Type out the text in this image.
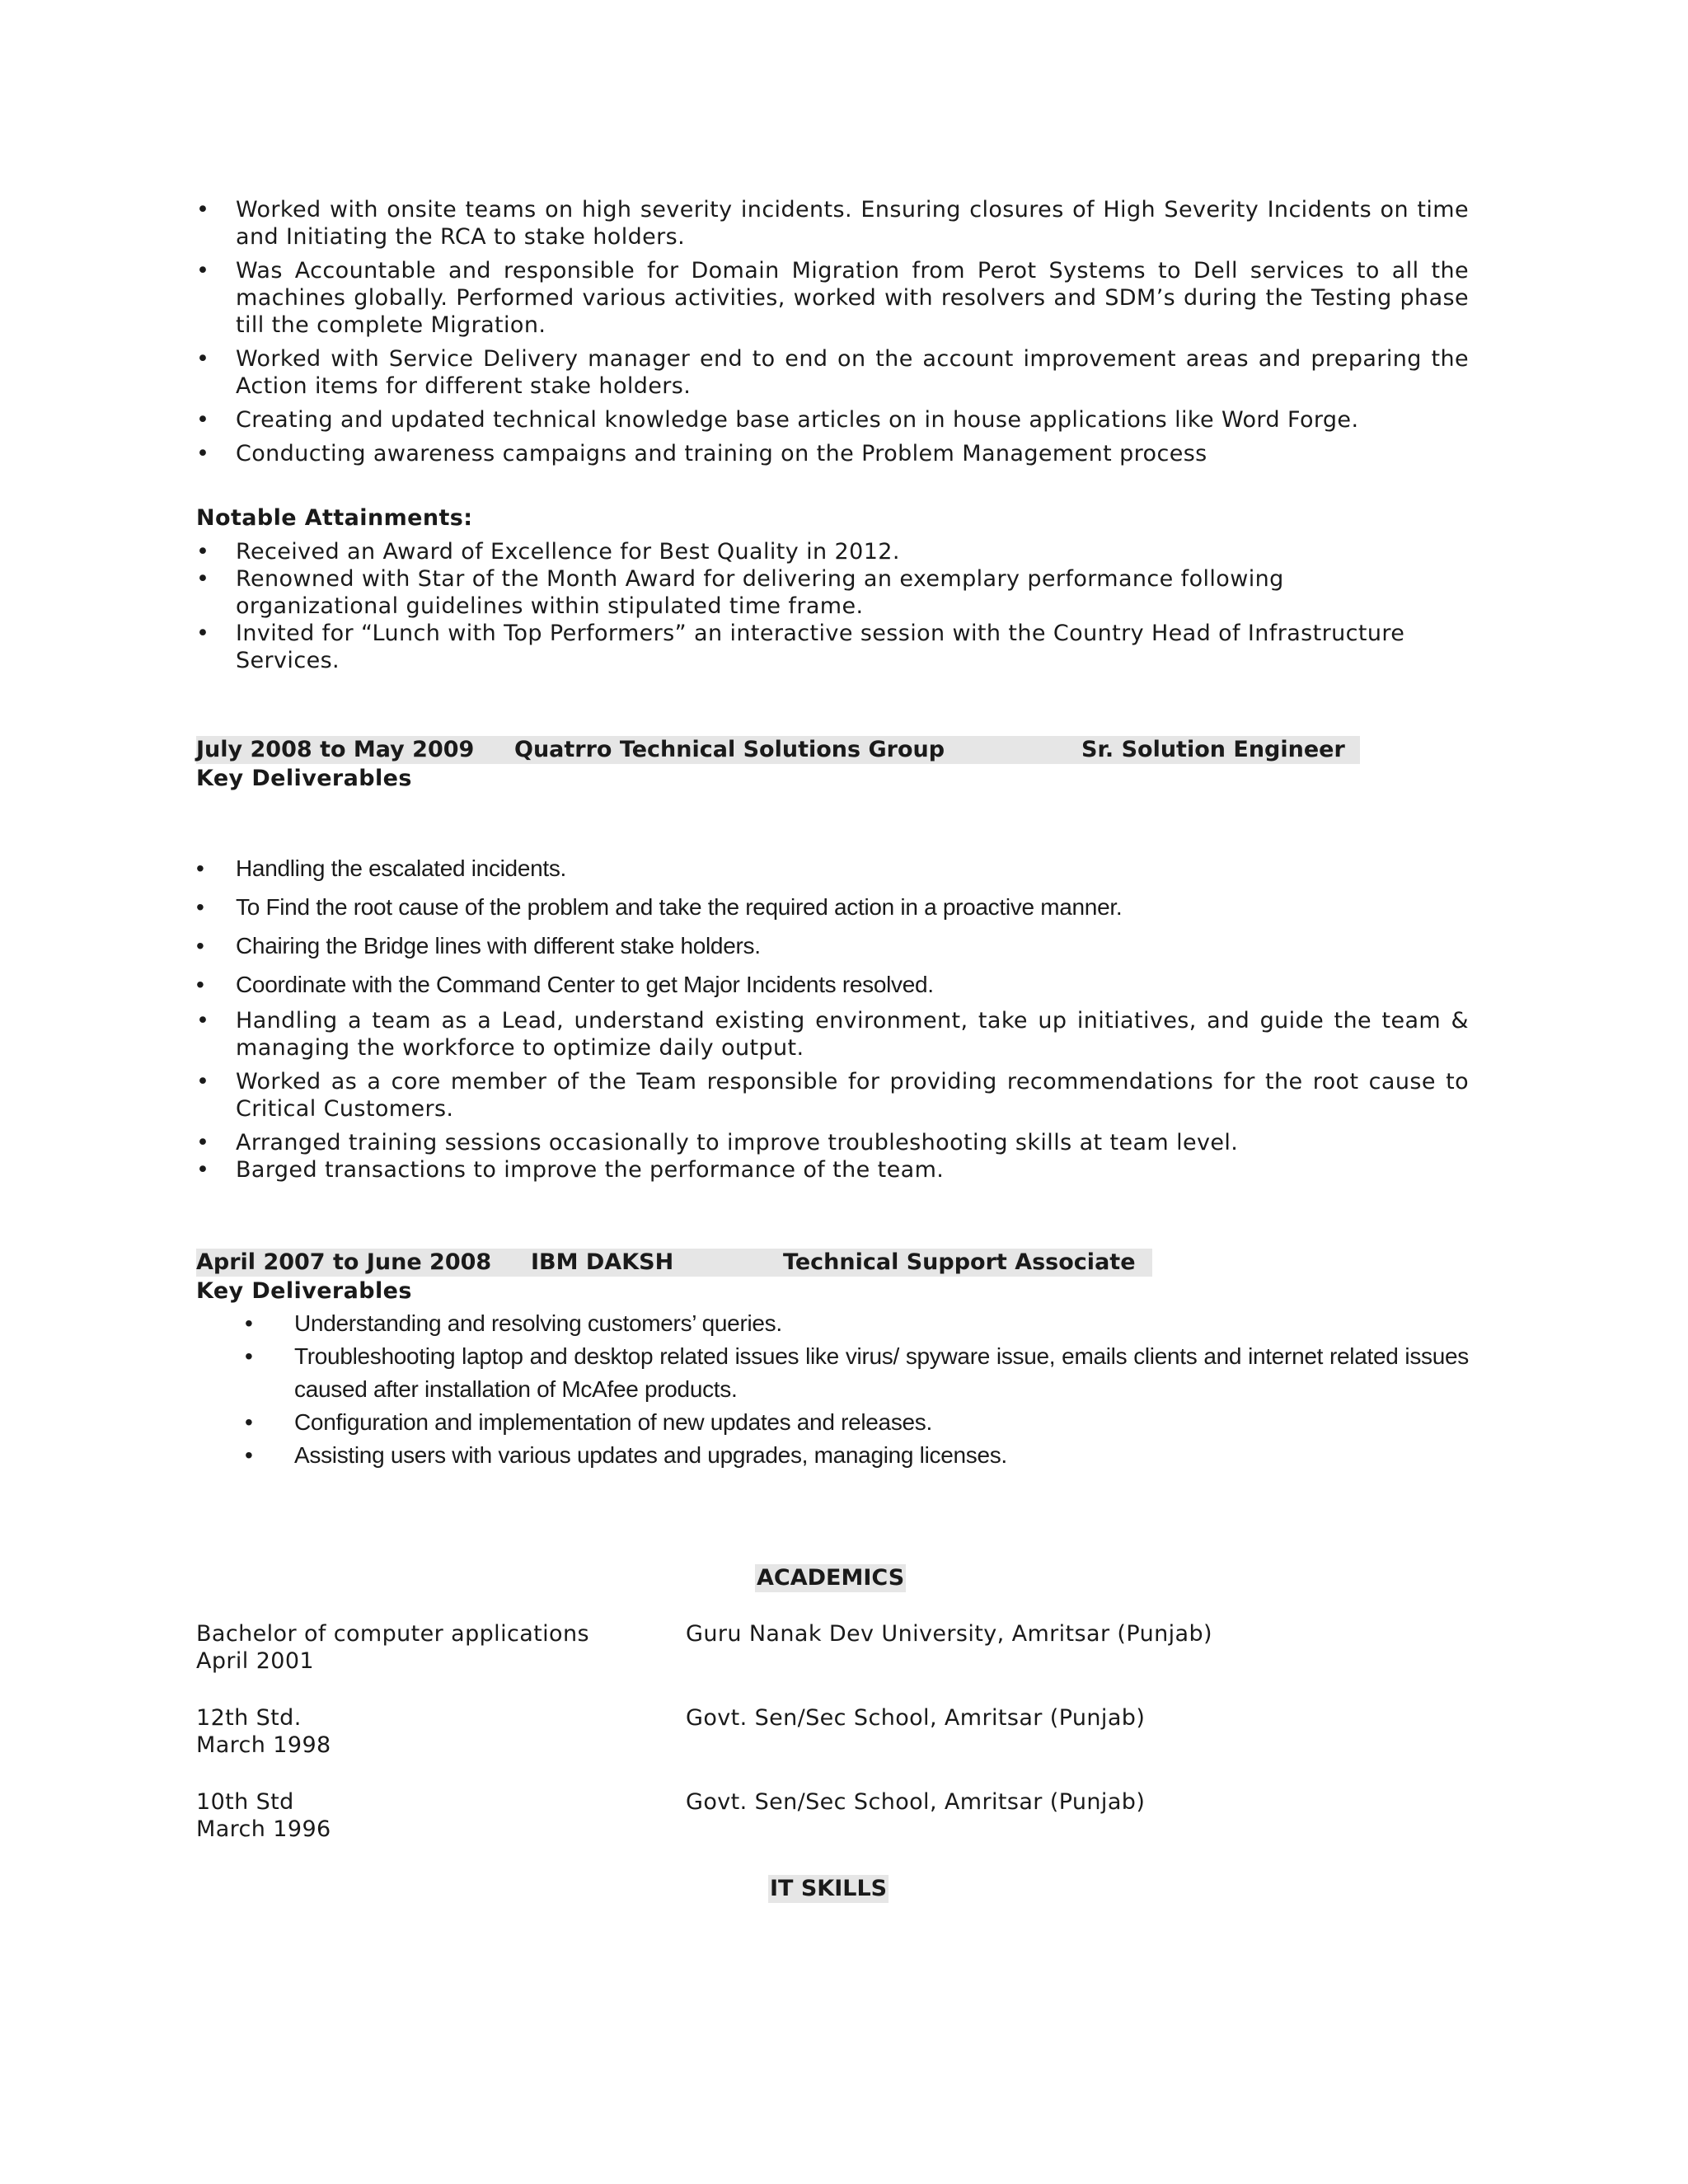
• Worked with onsite teams on high severity incidents. Ensuring closures of High Severity Incidents on time and Initiating the RCA to stake holders.
• Was Accountable and responsible for Domain Migration from Perot Systems to Dell services to all the machines globally. Performed various activities, worked with resolvers and SDM’s during the Testing phase till the complete Migration.
• Worked with Service Delivery manager end to end on the account improvement areas and preparing the Action items for different stake holders.
• Creating and updated technical knowledge base articles on in house applications like Word Forge.
• Conducting awareness campaigns and training on the Problem Management process
Notable Attainments:
• Received an Award of Excellence for Best Quality in 2012.
• Renowned with Star of the Month Award for delivering an exemplary performance following organizational guidelines within stipulated time frame.
• Invited for “Lunch with Top Performers” an interactive session with the Country Head of Infrastructure Services.
July 2008 to May 2009 Quatrro Technical Solutions Group	Sr. Solution Engineer
Key Deliverables
• Handling the escalated incidents.
• To Find the root cause of the problem and take the required action in a proactive manner.
• Chairing the Bridge lines with different stake holders.
• Coordinate with the Command Center to get Major Incidents resolved.
• Handling a team as a Lead, understand existing environment, take up initiatives, and guide the team & managing the workforce to optimize daily output.
• Worked as a core member of the Team responsible for providing recommendations for the root cause to Critical Customers.
• Arranged training sessions occasionally to improve troubleshooting skills at team level.
• Barged transactions to improve the performance of the team.
April 2007 to June 2008 IBM DAKSH	Technical Support Associate
Key Deliverables
• Understanding and resolving customers’ queries.
• Troubleshooting laptop and desktop related issues like virus/ spyware issue, emails clients and internet related issues caused after installation of McAfee products.
• Configuration and implementation of new updates and releases.
• Assisting users with various updates and upgrades, managing licenses.
ACADEMICS
Bachelor of computer applications
April 2001
Guru Nanak Dev University, Amritsar (Punjab)
12th Std.
March 1998
Govt. Sen/Sec School, Amritsar (Punjab)
10th Std
March 1996
Govt. Sen/Sec School, Amritsar (Punjab)
IT SKILLS
